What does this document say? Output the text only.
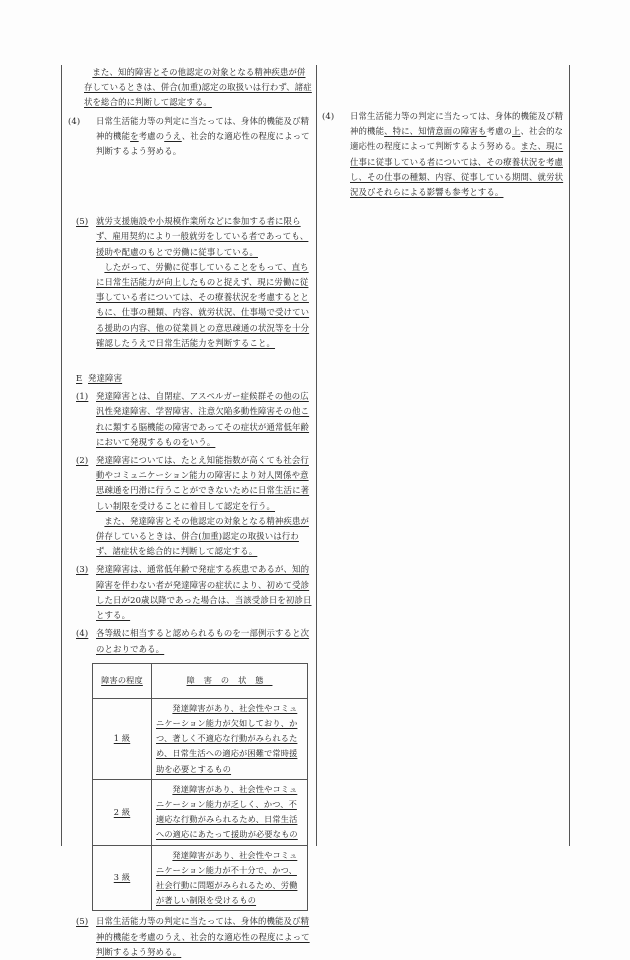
また、知的障害とその他認定の対象となる精神疾患が併存しているときは、併合(加重)認定の取扱いは行わず、諸症状を総合的に判断して認定する。

(4) 日常生活能力等の判定に当たっては、身体的機能及び精神的機能を考慮のうえ、社会的な適応性の程度によって判断するよう努める。

(5) 就労支援施設や小規模作業所などに参加する者に限らず、雇用契約により一般就労をしている者であっても、援助や配慮のもとで労働に従事している。

したがって、労働に従事していることをもって、直ちに日常生活能力が向上したものと捉えず、現に労働に従事している者については、その療養状況を考慮するとともに、仕事の種類、内容、就労状況、仕事場で受けている援助の内容、他の従業員との意思疎通の状況等を十分確認したうえで日常生活能力を判断すること。

E 発達障害

(1) 発達障害とは、自閉症、アスペルガー症候群その他の広汎性発達障害、学習障害、注意欠陥多動性障害その他これに類する脳機能の障害であってその症状が通常低年齢において発現するものをいう。

(2) 発達障害については、たとえ知能指数が高くても社会行動やコミュニケーション能力の障害により対人関係や意思疎通を円滑に行うことができないために日常生活に著しい制限を受けることに着目して認定を行う。

また、発達障害とその他認定の対象となる精神疾患が併存しているときは、併合(加重)認定の取扱いは行わず、諸症状を総合的に判断して認定する。

(3) 発達障害は、通常低年齢で発症する疾患であるが、知的障害を伴わない者が発達障害の症状により、初めて受診した日が20歳以降であった場合は、当該受診日を初診日とする。

(4) 各等級に相当すると認められるものを一部例示すると次のとおりである。

障害の程度	障害の状態
1 級	発達障害があり、社会性やコミュニケーション能力が欠如しており、かつ、著しく不適応な行動がみられるため、日常生活への適応が困難で常時援助を必要とするもの

2 級	発達障害があり、社会性やコミュニケーション能力が乏しく、かつ、不適応な行動がみられるため、日常生活への適応にあたって援助が必要なもの

3 級	発達障害があり、社会性やコミュニケーション能力が不十分で、かつ、社会行動に問題がみられるため、労働が著しい制限を受けるもの

(5) 日常生活能力等の判定に当たっては、身体的機能及び精神的機能を考慮のうえ、社会的な適応性の程度によって判断するよう努める。

(4) 日常生活能力等の判定に当たっては、身体的機能及び精神的機能、特に、知情意面の障害も考慮の上、社会的な適応性の程度によって判断するよう努める。また、現に仕事に従事している者については、その療養状況を考慮し、その仕事の種類、内容、従事している期間、就労状況及びそれらによる影響も参考とする。
